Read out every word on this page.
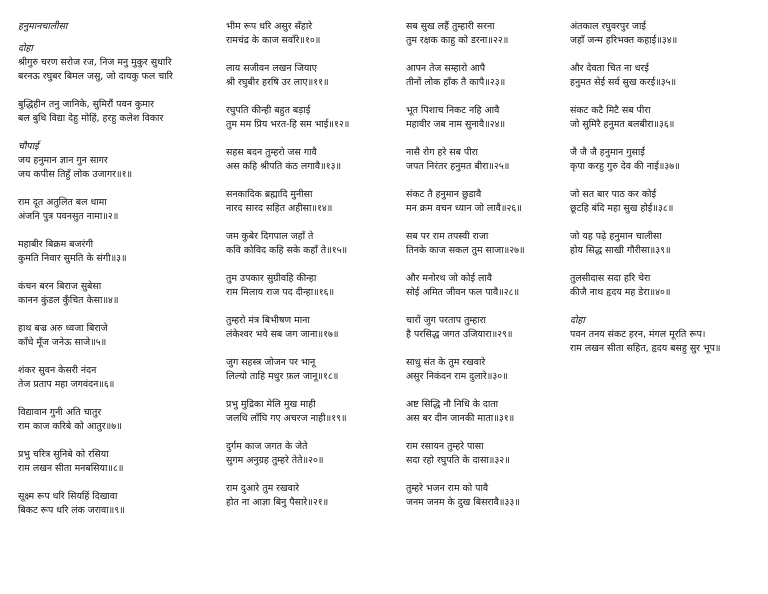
हनुमानचालीसा
दोहा
श्रीगुरु चरण सरोज रज, निज मनु मुकुर सुधारि
बरनऊ रघुबर बिमल जसु, जो दायकु फल चारि
बुद्धिहीन तनु जानिके, सुमिरौं पवन कुमार
बल बुधि विद्या देहु मोहिं, हरहु कलेश विकार
चौपाई
जय हनुमान ज्ञान गुन सागर
जय कपीस तिहुँ लोक उजागर॥१॥
राम दूत अतुलित बल धामा
अंजनि पुत्र पवनसुत नामा॥२॥
महाबीर बिक्रम बजरंगी
कुमति निवार सुमति के संगी॥३॥
कंचन बरन बिराज सुबेसा
कानन कुंडल कुँचित केसा॥४॥
हाथ बज्र अरु ध्वजा बिराजे
काँधे मूँज जनेऊ साजे॥५॥
शंकर सुवन केसरी नंदन
तेज प्रताप महा जगवंदन॥६॥
विद्यावान गुनी अति चातुर
राम काज करिबे को आतुर॥७॥
प्रभु चरित्र सुनिबे को रसिया
राम लखन सीता मनबसिया॥८॥
सूक्ष्म रूप धरि सियहिं दिखावा
बिकट रूप धरि लंक जरावा॥९॥
भीम रूप धरि असुर सँहारे
रामचंद्र के काज सवाँरे॥१०॥
लाय सजीवन लखन जियाए
श्री रघुबीर हरषि उर लाए॥११॥
रघुपति कीन्ही बहुत बड़ाई
तुम मम प्रिय भरत-हि सम भाई॥१२॥
सहस बदन तुम्हरो जस गावै
अस कहि श्रीपति कंठ लगावै॥१३॥
सनकादिक ब्रह्मादि मुनीसा
नारद सारद सहित अहीसा॥१४॥
जम कुबेर दिगपाल जहाँ ते
कवि कोविद कहि सके कहाँ ते॥१५॥
तुम उपकार सुग्रीवहि कीन्हा
राम मिलाय राज पद दीन्हा॥१६॥
तुम्हरो मंत्र बिभीषण माना
लंकेश्वर भये सब जग जाना॥१७॥
जुग सहस्त्र जोजन पर भानू
लिल्यो ताहि मधुर फ़ल जानू॥१८॥
प्रभु मुद्रिका मेलि मुख माही
जलधि लाँघि गए अचरज नाही॥१९॥
दुर्गम काज जगत के जेते
सुगम अनुग्रह तुम्हरे तेते॥२०॥
राम दुआरे तुम रखवारे
होत ना आज्ञा बिनु पैसारे॥२१॥
सब सुख लहैं तुम्हारी सरना
तुम रक्षक काहु को डरना॥२२॥
आपन तेज सम्हारो आपै
तीनों लोक हाँक तै कापै॥२३॥
भूत पिशाच निकट नहि आवै
महावीर जब नाम सुनावै॥२४॥
नासै रोग हरे सब पीरा
जपत निरंतर हनुमत बीरा॥२५॥
संकट तै हनुमान छुडावै
मन क्रम वचन ध्यान जो लावै॥२६॥
सब पर राम तपस्वी राजा
तिनके काज सकल तुम साजा॥२७॥
और मनोरथ जो कोई लावै
सोई अमित जीवन फल पावै॥२८॥
चारों जुग परताप तुम्हारा
है परसिद्ध जगत उजियारा॥२९॥
साधु संत के तुम रखवारे
असुर निकंदन राम दुलारे॥३०॥
अष्ट सिद्धि नौ निधि के दाता
अस बर दीन जानकी माता॥३१॥
राम रसायन तुम्हरे पासा
सदा रहो रघुपति के दासा॥३२॥
तुम्हरे भजन राम को पावै
जनम जनम के दुख बिसरावै॥३३॥
अंतकाल रघुवरपुर जाई
जहाँ जन्म हरिभक्त कहाई॥३४॥
और देवता चित ना धरई
हनुमत सेई सर्व सुख करई॥३५॥
संकट कटै मिटै सब पीरा
जो सुमिरै हनुमत बलबीरा॥३६॥
जै जै जै हनुमान गुसाईं
कृपा करहु गुरु देव की नाई॥३७॥
जो सत बार पाठ कर कोई
छूटहि बंदि महा सुख होई॥३८॥
जो यह पढ़े हनुमान चालीसा
होय सिद्ध साखी गौरीसा॥३९॥
तुलसीदास सदा हरि चेरा
कीजै नाथ हृदय मह डेरा॥४०॥
दोहा
पवन तनय संकट हरन, मंगल मूरति रूप।
राम लखन सीता सहित, हृदय बसहु सुर भूप॥
